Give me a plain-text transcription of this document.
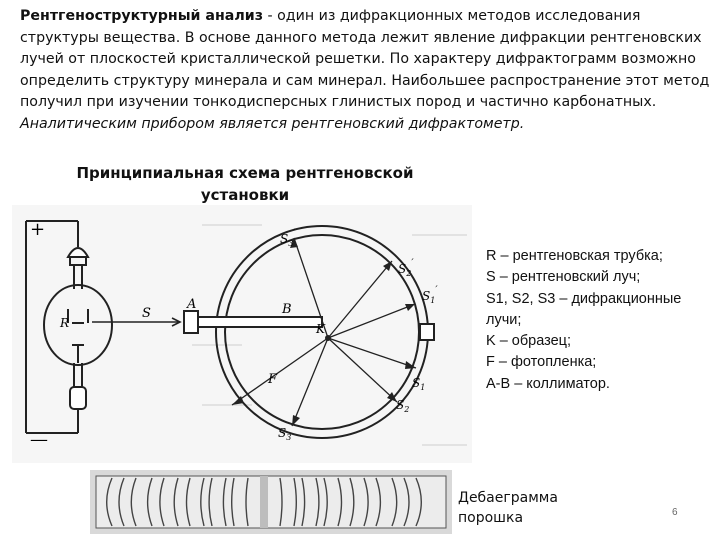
Рентгеноструктурный анализ - один из дифракционных методов исследования структуры вещества. В основе данного метода лежит явление дифракции рентгеновских лучей от плоскостей кристаллической решетки. По характеру дифрактограмм возможно определить структуру минерала и сам минерал. Наибольшее распространение этот метод получил при изучении тонкодисперсных глинистых пород и частично карбонатных.
Аналитическим прибором является рентгеновский дифрактометр.
Принципиальная схема рентгеновской установки
+
—
R
S
A	B
K
F
$S_3'$
$S_2'$
$S_1'$
$S_1$
$S_2$
$S_3$
R – рентгеновская трубка;
S – рентгеновский луч;
S1, S2, S3 – дифракционные
лучи;
K – образец;
F – фотопленка;
A-B – коллиматор.
Дебаеграмма
порошка	6
